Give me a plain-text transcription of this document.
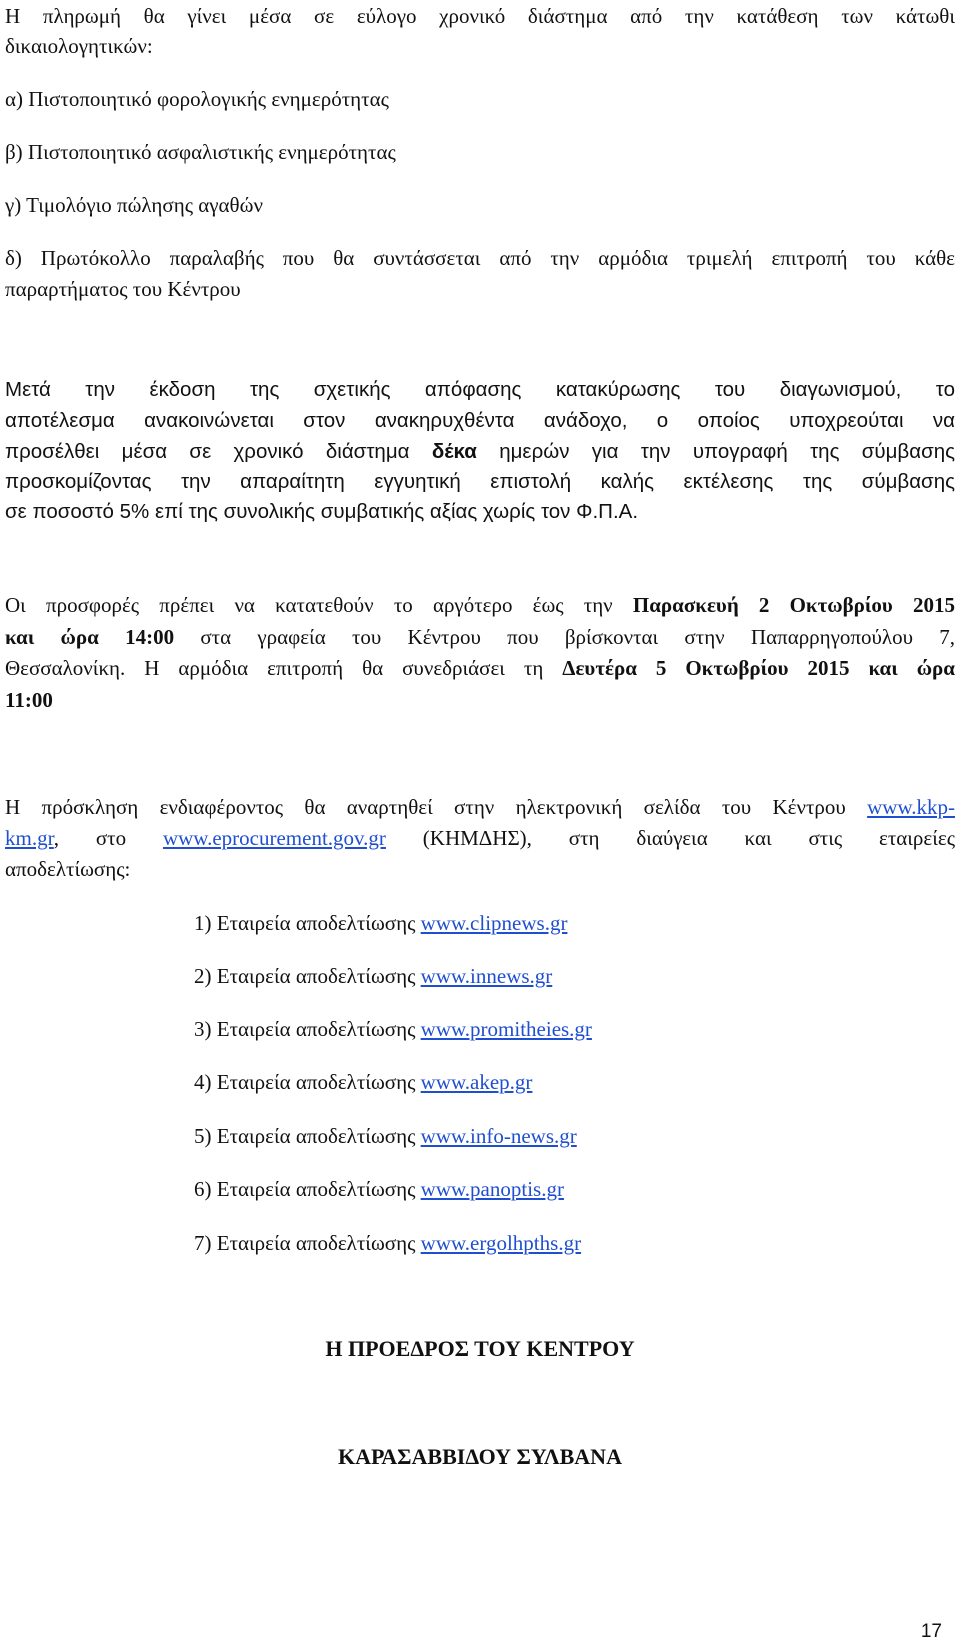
Η πληρωμή θα γίνει μέσα σε εύλογο χρονικό διάστημα από την κατάθεση των κάτωθι
δικαιολογητικών:
α) Πιστοποιητικό φορολογικής ενημερότητας
β) Πιστοποιητικό ασφαλιστικής ενημερότητας
γ) Τιμολόγιο πώλησης αγαθών
δ) Πρωτόκολλο παραλαβής που θα συντάσσεται από την αρμόδια τριμελή επιτροπή του κάθε
παραρτήματος του Κέντρου
Μετά την έκδοση της σχετικής απόφασης κατακύρωσης του διαγωνισμού, το
αποτέλεσμα ανακοινώνεται στον ανακηρυχθέντα ανάδοχο, ο οποίος υποχρεούται να
προσέλθει μέσα σε χρονικό διάστημα δέκα ημερών για την υπογραφή της σύμβασης
προσκομίζοντας την απαραίτητη εγγυητική επιστολή καλής εκτέλεσης της σύμβασης
σε ποσοστό 5% επί της συνολικής συμβατικής αξίας χωρίς τον Φ.Π.Α.
Οι προσφορές πρέπει να κατατεθούν το αργότερο έως την Παρασκευή 2 Οκτωβρίου 2015
και ώρα 14:00 στα γραφεία του Κέντρου που βρίσκονται στην Παπαρρηγοπούλου 7,
Θεσσαλονίκη. Η αρμόδια επιτροπή θα συνεδριάσει τη Δευτέρα 5 Οκτωβρίου 2015 και ώρα
11:00
Η πρόσκληση ενδιαφέροντος θα αναρτηθεί στην ηλεκτρονική σελίδα του Κέντρου www.kkp-
km.gr, στο www.eprocurement.gov.gr (ΚΗΜΔΗΣ), στη διαύγεια και στις εταιρείες
αποδελτίωσης:
1) Εταιρεία αποδελτίωσης www.clipnews.gr
2) Εταιρεία αποδελτίωσης www.innews.gr
3) Εταιρεία αποδελτίωσης www.promitheies.gr
4) Εταιρεία αποδελτίωσης www.akep.gr
5) Εταιρεία αποδελτίωσης www.info-news.gr
6) Εταιρεία αποδελτίωσης www.panoptis.gr
7) Εταιρεία αποδελτίωσης www.ergolhpths.gr
Η ΠΡΟΕΔΡΟΣ ΤΟΥ ΚΕΝΤΡΟΥ
ΚΑΡΑΣΑΒΒΙΔΟΥ ΣΥΛΒΑΝΑ
17
